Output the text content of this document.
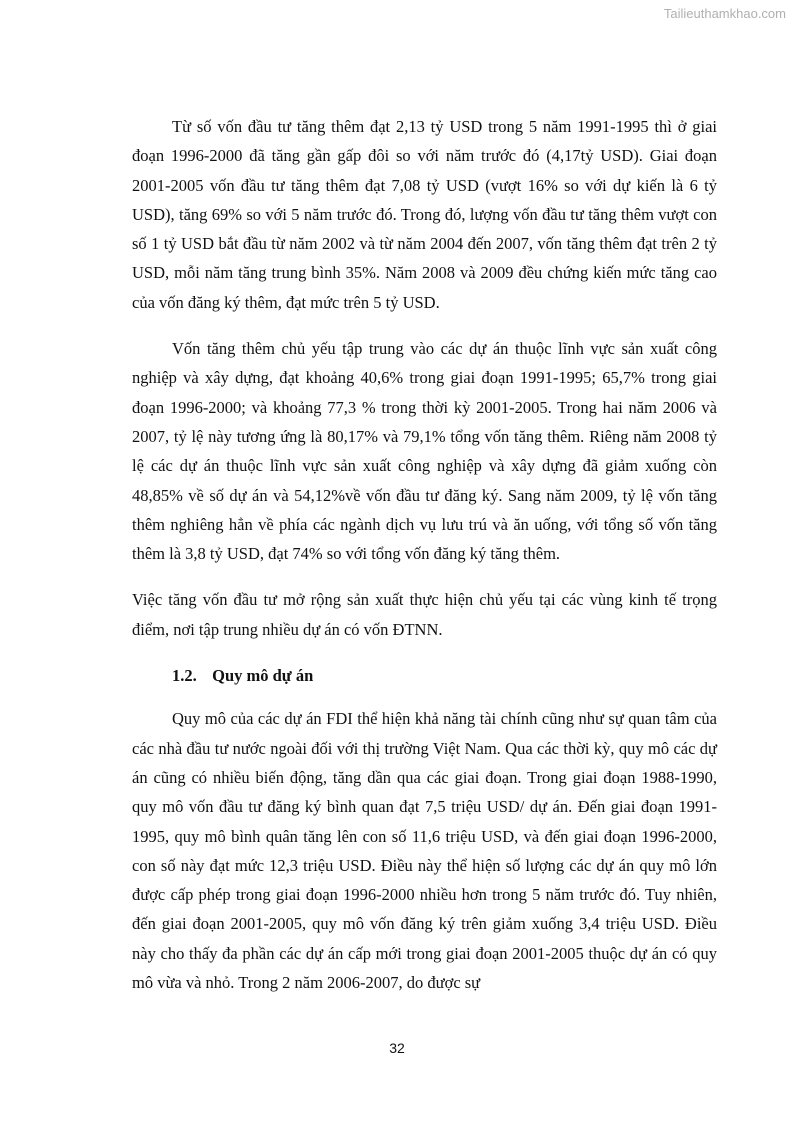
Tailieuthamkhao.com

Từ số vốn đầu tư tăng thêm đạt 2,13 tỷ USD trong 5 năm 1991-1995 thì ở giai đoạn 1996-2000 đã tăng gần gấp đôi so với năm trước đó (4,17tỷ USD). Giai đoạn 2001-2005 vốn đầu tư tăng thêm đạt 7,08 tỷ USD (vượt 16% so với dự kiến là 6 tỷ USD), tăng 69% so với 5 năm trước đó. Trong đó, lượng vốn đầu tư tăng thêm vượt con số 1 tỷ USD bắt đầu từ năm 2002 và từ năm 2004 đến 2007, vốn tăng thêm đạt trên 2 tỷ USD, mỗi năm tăng trung bình 35%. Năm 2008 và 2009 đều chứng kiến mức tăng cao của vốn đăng ký thêm, đạt mức trên 5 tỷ USD.

Vốn tăng thêm chủ yếu tập trung vào các dự án thuộc lĩnh vực sản xuất công nghiệp và xây dựng, đạt khoảng 40,6% trong giai đoạn 1991-1995; 65,7% trong giai đoạn 1996-2000; và khoảng 77,3 % trong thời kỳ 2001-2005. Trong hai năm 2006 và 2007, tỷ lệ này tương ứng là 80,17% và 79,1% tổng vốn tăng thêm. Riêng năm 2008 tỷ lệ các dự án thuộc lĩnh vực sản xuất công nghiệp và xây dựng đã giảm xuống còn 48,85% về số dự án và 54,12%về vốn đầu tư đăng ký. Sang năm 2009, tỷ lệ vốn tăng thêm nghiêng hẳn về phía các ngành dịch vụ lưu trú và ăn uống, với tổng số vốn tăng thêm là 3,8 tỷ USD, đạt 74% so với tổng vốn đăng ký tăng thêm.

Việc tăng vốn đầu tư mở rộng sản xuất thực hiện chủ yếu tại các vùng kinh tế trọng điểm, nơi tập trung nhiều dự án có vốn ĐTNN.

1.2. Quy mô dự án

Quy mô của các dự án FDI thể hiện khả năng tài chính cũng như sự quan tâm của các nhà đầu tư nước ngoài đối với thị trường Việt Nam. Qua các thời kỳ, quy mô các dự án cũng có nhiều biến động, tăng dần qua các giai đoạn. Trong giai đoạn 1988-1990, quy mô vốn đầu tư đăng ký bình quan đạt 7,5 triệu USD/ dự án. Đến giai đoạn 1991-1995, quy mô bình quân tăng lên con số 11,6 triệu USD, và đến giai đoạn 1996-2000, con số này đạt mức 12,3 triệu USD. Điều này thể hiện số lượng các dự án quy mô lớn được cấp phép trong giai đoạn 1996-2000 nhiều hơn trong 5 năm trước đó. Tuy nhiên, đến giai đoạn 2001-2005, quy mô vốn đăng ký trên giảm xuống 3,4 triệu USD. Điều này cho thấy đa phần các dự án cấp mới trong giai đoạn 2001-2005 thuộc dự án có quy mô vừa và nhỏ. Trong 2 năm 2006-2007, do được sự

32
